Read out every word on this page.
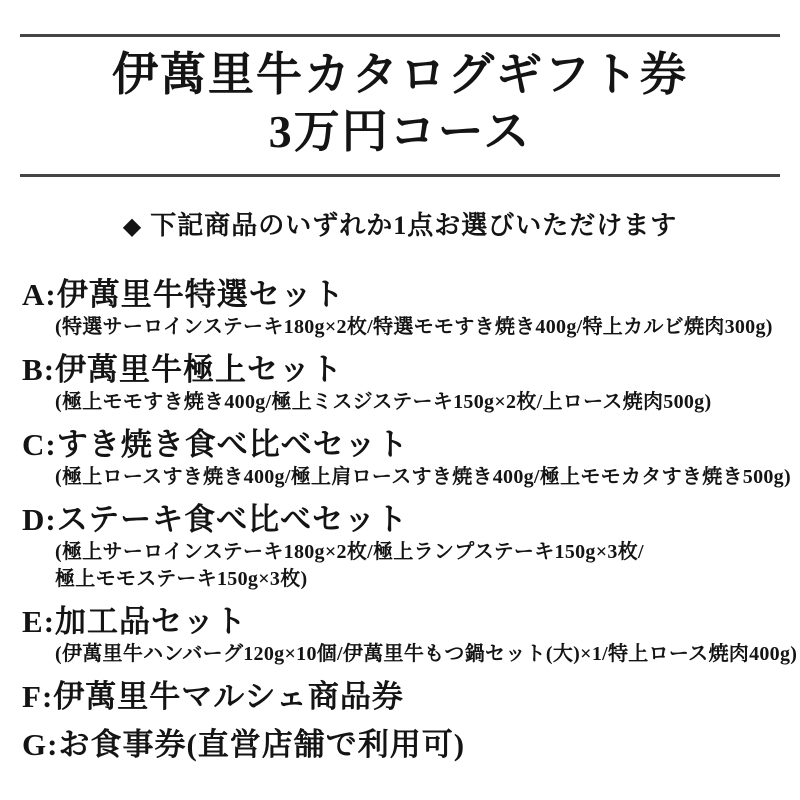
伊萬里牛カタログギフト券
3万円コース
◆ 下記商品のいずれか1点お選びいただけます
A:伊萬里牛特選セット
(特選サーロインステーキ180g×2枚/特選モモすき焼き400g/特上カルビ焼肉300g)
B:伊萬里牛極上セット
(極上モモすき焼き400g/極上ミスジステーキ150g×2枚/上ロース焼肉500g)
C:すき焼き食べ比べセット
(極上ロースすき焼き400g/極上肩ロースすき焼き400g/極上モモカタすき焼き500g)
D:ステーキ食べ比べセット
(極上サーロインステーキ180g×2枚/極上ランプステーキ150g×3枚/
極上モモステーキ150g×3枚)
E:加工品セット
(伊萬里牛ハンバーグ120g×10個/伊萬里牛もつ鍋セット(大)×1/特上ロース焼肉400g)
F:伊萬里牛マルシェ商品券
G:お食事券(直営店舗で利用可)
